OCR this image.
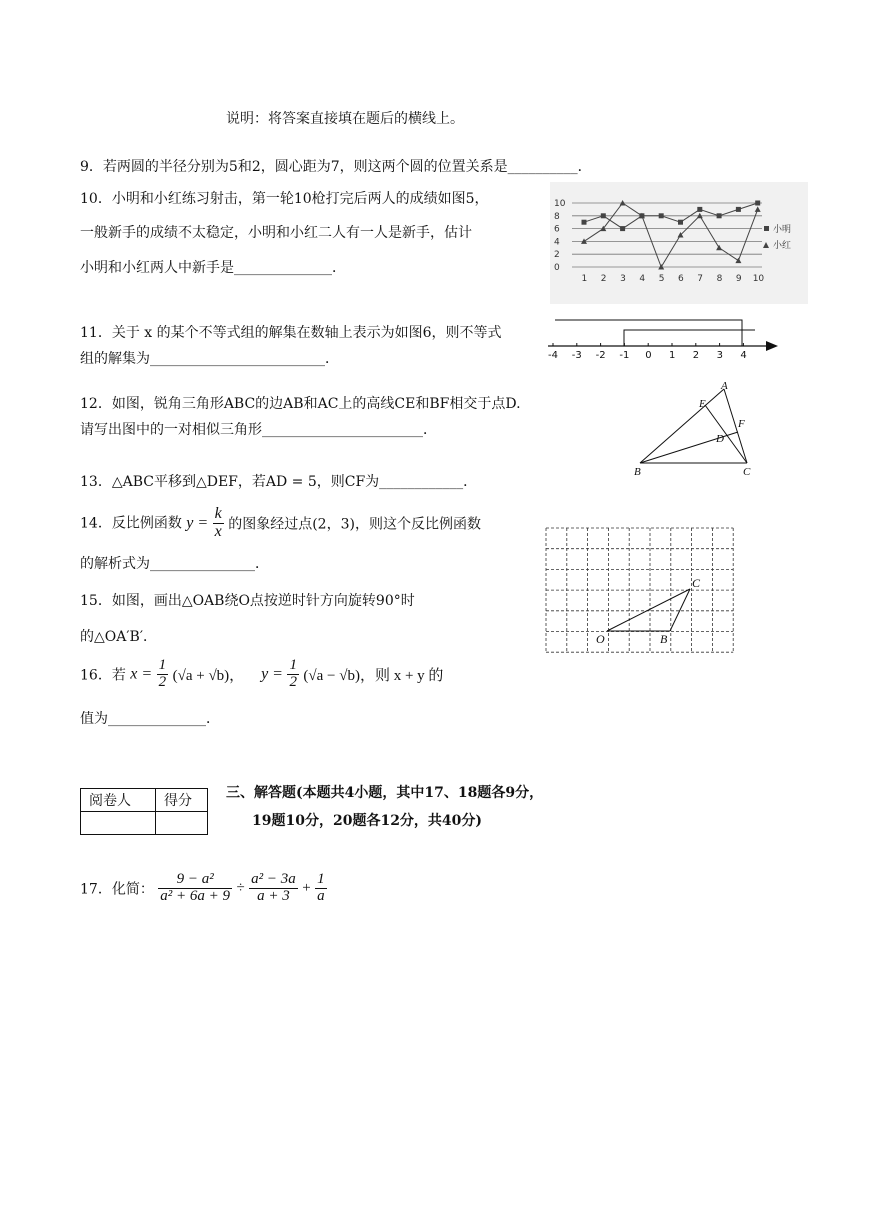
说明：将答案直接填在题后的横线上。
9．若两圆的半径分别为5和2，圆心距为7，则这两个圆的位置关系是__________．
10．小明和小红练习射击，第一轮10枪打完后两人的成绩如图5，
一般新手的成绩不太稳定，小明和小红二人有一人是新手，估计
小明和小红两人中新手是______________．	0
2
4
6
8
10
1 2 3 4 5 6 7 8 9 10
小明
小红
11．关于 x 的某个不等式组的解集在数轴上表示为如图6，则不等式
组的解集为_________________________．	-4 -3 -2 -1 0 1 2 3 4
12．如图，锐角三角形ABC的边AB和AC上的高线CE和BF相交于点D.
请写出图中的一对相似三角形_______________________．
A
B	C
D
E
F
13．△ABC平移到△DEF，若AD = 5，则CF为____________．
14．反比例函数 $y = \frac{k}{x}$ 的图象经过点(2，3)，则这个反比例函数
的解析式为_______________．
O	B
C
15．如图，画出△OAB绕O点按逆时针方向旋转90°时
的△OA′B′．
16．若 $x = \frac{1}{2} (√a + √b)$， $y = \frac{1}{2} (√a - √b)$，则 x + y 的
值为______________．
阅卷人	得分
	三、解答题(本题共4小题，其中17、18题各9分，
19题10分，20题各12分，共40分)
17．化简： $\frac{\text{9 − a²}}{\text{a² + 6a + 9}} \div \frac{\text{a² − 3a}}{a + 3} + \frac{1}{a}$
